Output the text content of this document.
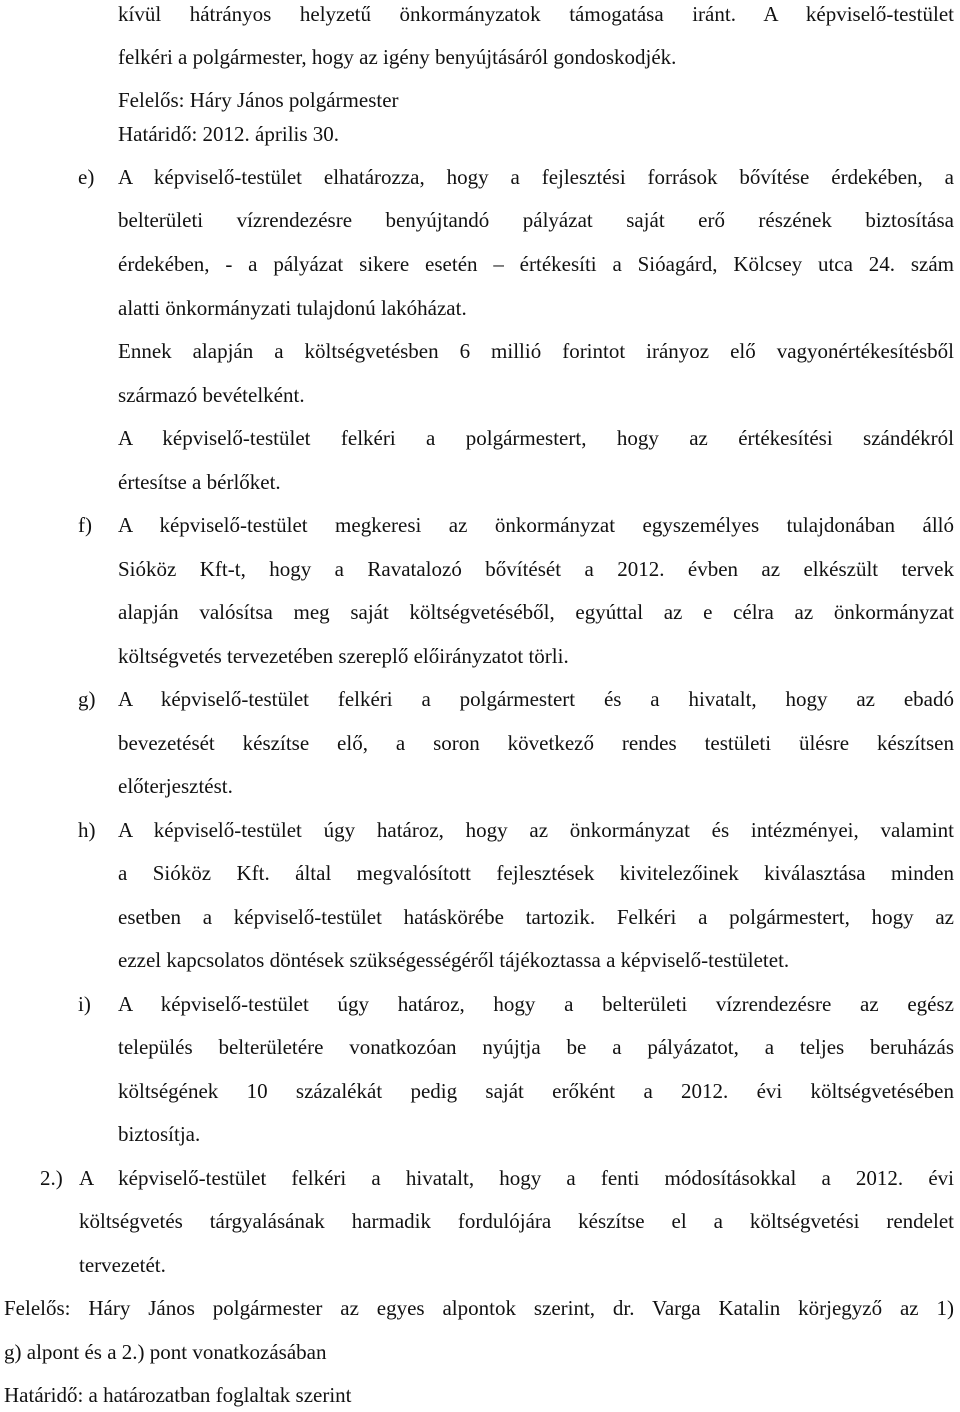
kívül hátrányos helyzetű önkormányzatok támogatása iránt. A képviselő-testület
felkéri a polgármester, hogy az igény benyújtásáról gondoskodjék.
Felelős: Háry János polgármester
Határidő: 2012. április 30.
e) A képviselő-testület elhatározza, hogy a fejlesztési források bővítése érdekében, a
belterületi vízrendezésre benyújtandó pályázat saját erő részének biztosítása
érdekében, - a pályázat sikere esetén – értékesíti a Sióagárd, Kölcsey utca 24. szám
alatti önkormányzati tulajdonú lakóházat.
Ennek alapján a költségvetésben 6 millió forintot irányoz elő vagyonértékesítésből
származó bevételként.
A képviselő-testület felkéri a polgármestert, hogy az értékesítési szándékról
értesítse a bérlőket.
f) A képviselő-testület megkeresi az önkormányzat egyszemélyes tulajdonában álló
Sióköz Kft-t, hogy a Ravatalozó bővítését a 2012. évben az elkészült tervek
alapján valósítsa meg saját költségvetéséből, egyúttal az e célra az önkormányzat
költségvetés tervezetében szereplő előirányzatot törli.
g) A képviselő-testület felkéri a polgármestert és a hivatalt, hogy az ebadó
bevezetését készítse elő, a soron következő rendes testületi ülésre készítsen
előterjesztést.
h) A képviselő-testület úgy határoz, hogy az önkormányzat és intézményei, valamint
a Sióköz Kft. által megvalósított fejlesztések kivitelezőinek kiválasztása minden
esetben a képviselő-testület hatáskörébe tartozik. Felkéri a polgármestert, hogy az
ezzel kapcsolatos döntések szükségességéről tájékoztassa a képviselő-testületet.
i) A képviselő-testület úgy határoz, hogy a belterületi vízrendezésre az egész
település belterületére vonatkozóan nyújtja be a pályázatot, a teljes beruházás
költségének 10 százalékát pedig saját erőként a 2012. évi költségvetésében
biztosítja.
2.) A képviselő-testület felkéri a hivatalt, hogy a fenti módosításokkal a 2012. évi
költségvetés tárgyalásának harmadik fordulójára készítse el a költségvetési rendelet
tervezetét.
Felelős: Háry János polgármester az egyes alpontok szerint, dr. Varga Katalin körjegyző az 1)
g) alpont és a 2.) pont vonatkozásában
Határidő: a határozatban foglaltak szerint
